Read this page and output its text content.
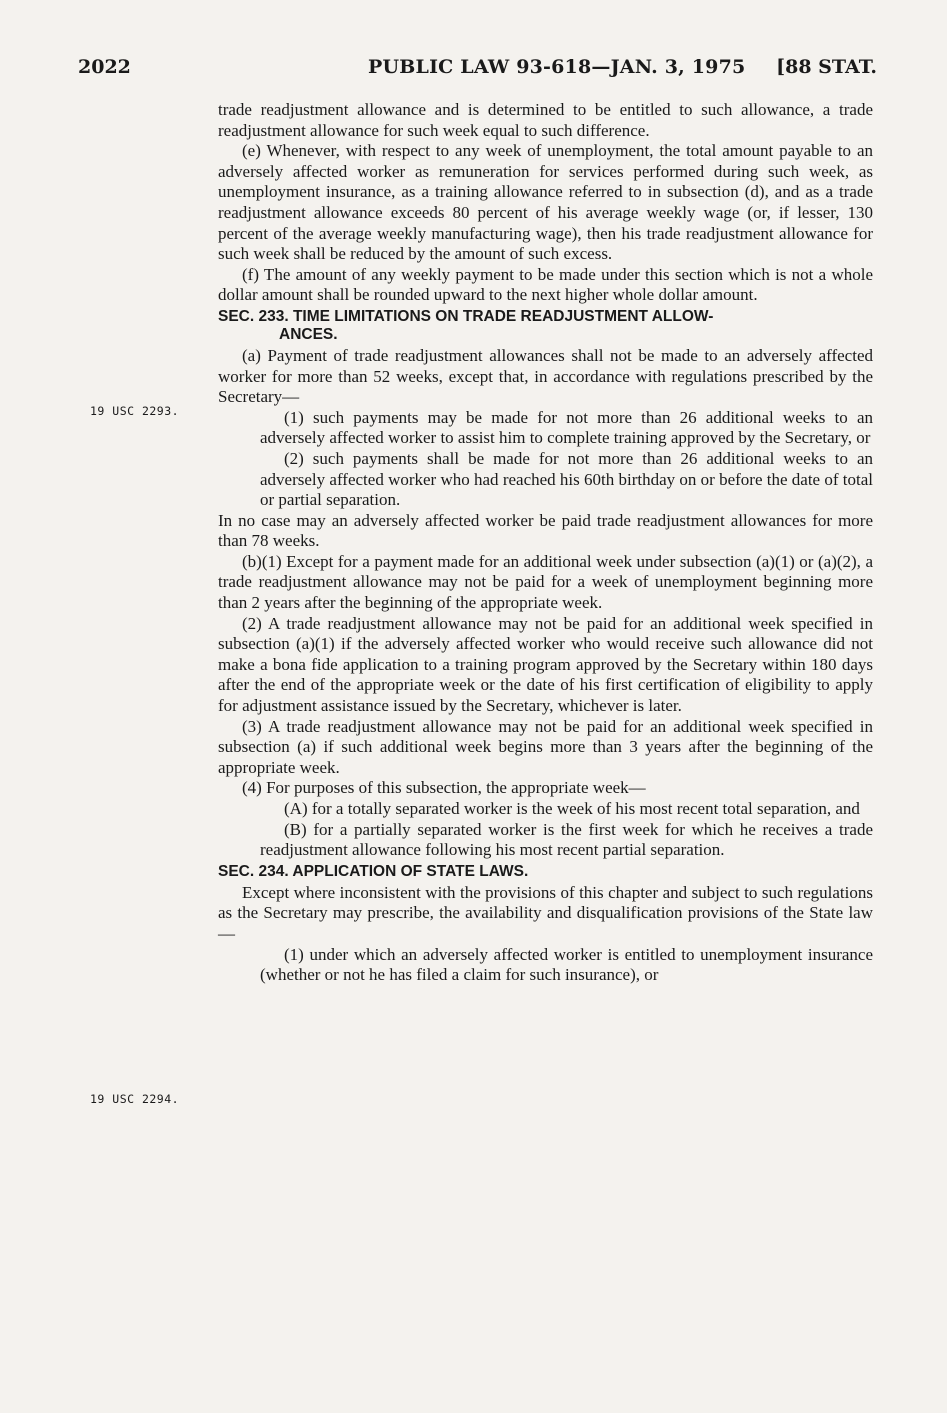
2022	PUBLIC LAW 93-618—JAN. 3, 1975 [88 STAT.
19 USC 2293.
19 USC 2294.

trade readjustment allowance and is determined to be entitled to such allowance, a trade readjustment allowance for such week equal to such difference.

(e) Whenever, with respect to any week of unemployment, the total amount payable to an adversely affected worker as remuneration for services performed during such week, as unemployment insurance, as a training allowance referred to in subsection (d), and as a trade readjustment allowance exceeds 80 percent of his average weekly wage (or, if lesser, 130 percent of the average weekly manufacturing wage), then his trade readjustment allowance for such week shall be reduced by the amount of such excess.

(f) The amount of any weekly payment to be made under this section which is not a whole dollar amount shall be rounded upward to the next higher whole dollar amount.

SEC. 233. TIME LIMITATIONS ON TRADE READJUSTMENT ALLOW-
ANCES.

(a) Payment of trade readjustment allowances shall not be made to an adversely affected worker for more than 52 weeks, except that, in accordance with regulations prescribed by the Secretary—

(1) such payments may be made for not more than 26 additional weeks to an adversely affected worker to assist him to complete training approved by the Secretary, or

(2) such payments shall be made for not more than 26 additional weeks to an adversely affected worker who had reached his 60th birthday on or before the date of total or partial separation.

In no case may an adversely affected worker be paid trade readjustment allowances for more than 78 weeks.

(b)(1) Except for a payment made for an additional week under subsection (a)(1) or (a)(2), a trade readjustment allowance may not be paid for a week of unemployment beginning more than 2 years after the beginning of the appropriate week.

(2) A trade readjustment allowance may not be paid for an additional week specified in subsection (a)(1) if the adversely affected worker who would receive such allowance did not make a bona fide application to a training program approved by the Secretary within 180 days after the end of the appropriate week or the date of his first certification of eligibility to apply for adjustment assistance issued by the Secretary, whichever is later.

(3) A trade readjustment allowance may not be paid for an additional week specified in subsection (a) if such additional week begins more than 3 years after the beginning of the appropriate week.

(4) For purposes of this subsection, the appropriate week—

(A) for a totally separated worker is the week of his most recent total separation, and

(B) for a partially separated worker is the first week for which he receives a trade readjustment allowance following his most recent partial separation.

SEC. 234. APPLICATION OF STATE LAWS.

Except where inconsistent with the provisions of this chapter and subject to such regulations as the Secretary may prescribe, the availability and disqualification provisions of the State law—

(1) under which an adversely affected worker is entitled to unemployment insurance (whether or not he has filed a claim for such insurance), or
